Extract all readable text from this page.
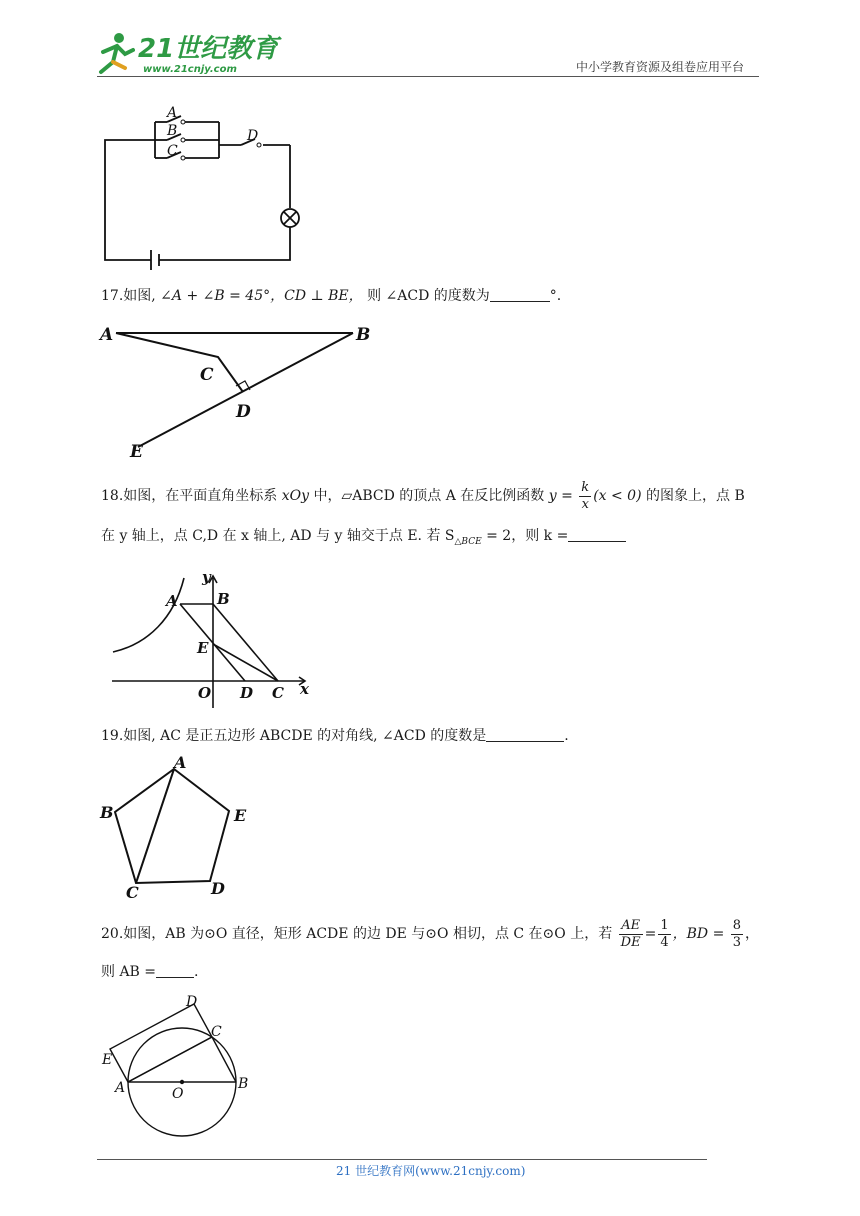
21世纪教育
www.21cnjy.com	中小学教育资源及组卷应用平台
A
B
C
D
17.如图, ∠A + ∠B = 45°，CD ⊥ BE， 则 ∠ACD 的度数为	°.
A	B
C
D
E
18.如图，在平面直角坐标系 xOy 中，▱ABCD 的顶点 A 在反比例函数 $y = \frac{k}{x} (x < 0)$ 的图象上，点 B
在 y 轴上，点 C,D 在 x 轴上, AD 与 y 轴交于点 E. 若 $S_{\triangle BCE} = 2$，则 k =
y
A	B
E
O D C x
19.如图, AC 是正五边形 ABCDE 的对角线, ∠ACD 的度数是	.
A
B
C	D
E
20.如图，AB 为⊙O 直径，矩形 ACDE 的边 DE 与⊙O 相切，点 C 在⊙O 上，若 $\frac{AE}{DE} = \frac{1}{4}$ ，BD = $\frac{8}{3}$ ，
则 AB =	.
D
C
E
A	O
B
21 世纪教育网(www.21cnjy.com)
